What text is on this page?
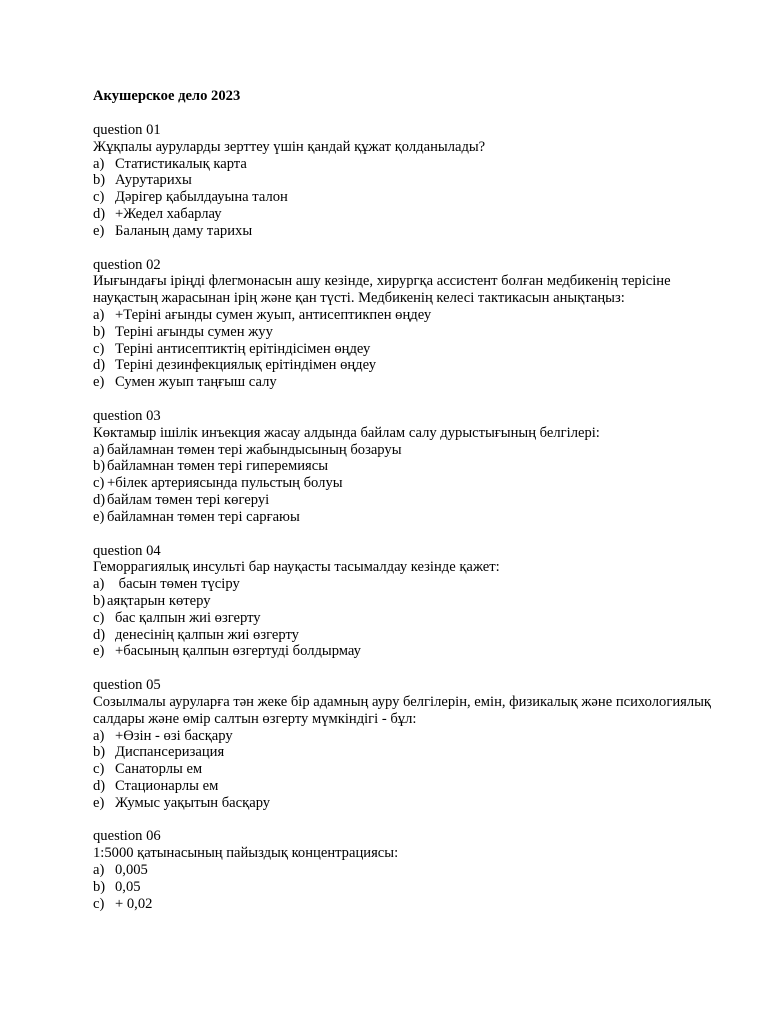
Акушерское дело 2023
question 01
Жұқпалы ауруларды зерттеу үшін қандай құжат қолданылады?
a) Статистикалық карта
b) Аурутарихы
c) Дәрігер қабылдауына талон
d) +Жедел хабарлау
e) Баланың даму тарихы
question 02
Иығындағы іріңді флегмонасын ашу кезінде, хирургқа ассистент болған медбикенің терісіне науқастың жарасынан ірің және қан түсті. Медбикенің келесі тактикасын анықтаңыз:
a) +Теріні ағынды сумен жуып, антисептикпен өңдеу
b) Теріні ағынды сумен жуу
c) Теріні антисептиктің ерітіндісімен өңдеу
d) Теріні дезинфекциялық ерітіндімен өңдеу
e) Сумен жуып таңғыш салу
question 03
Көктамыр ішілік инъекция жасау алдында байлам салу дурыстығының белгілері:
a) байламнан төмен тері жабындысының бозаруы
b) байламнан төмен тері гиперемиясы
c) +білек артериясында пульстың болуы
d) байлам төмен тері көгеруі
e) байламнан төмен тері сарғаюы
question 04
Геморрагиялық инсульті бар науқасты тасымалдау кезінде қажет:
a) басын төмен түсіру
b) аяқтарын көтеру
c) бас қалпын жиі өзгерту
d) денесінің қалпын жиі өзгерту
e) +басының қалпын өзгертуді болдырмау
question 05
Созылмалы ауруларға тән жеке бір адамның ауру белгілерін, емін, физикалық және психологиялық салдары және өмір салтын өзгерту мүмкіндігі - бұл:
a) +Өзін - өзі басқару
b) Диспансеризация
c) Санаторлы ем
d) Стационарлы ем
e) Жумыс уақытын басқару
question 06
1:5000 қатынасының пайыздық концентрациясы:
a) 0,005
b) 0,05
c) + 0,02
